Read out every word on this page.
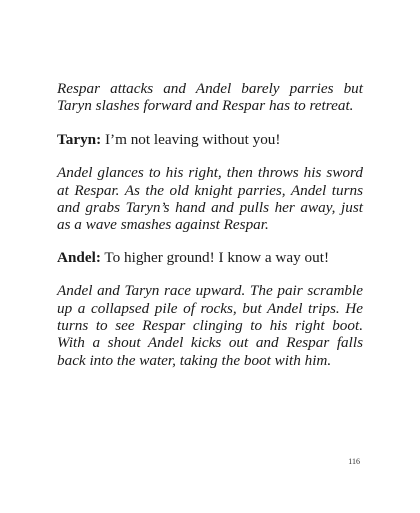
Respar attacks and Andel barely parries but Taryn slashes forward and Respar has to retreat.

Taryn: I’m not leaving without you!

Andel glances to his right, then throws his sword at Respar. As the old knight parries, Andel turns and grabs Taryn’s hand and pulls her away, just as a wave smashes against Respar.

Andel: To higher ground! I know a way out!

Andel and Taryn race upward. The pair scramble up a collapsed pile of rocks, but Andel trips. He turns to see Respar clinging to his right boot. With a shout Andel kicks out and Respar falls back into the water, taking the boot with him.

116
